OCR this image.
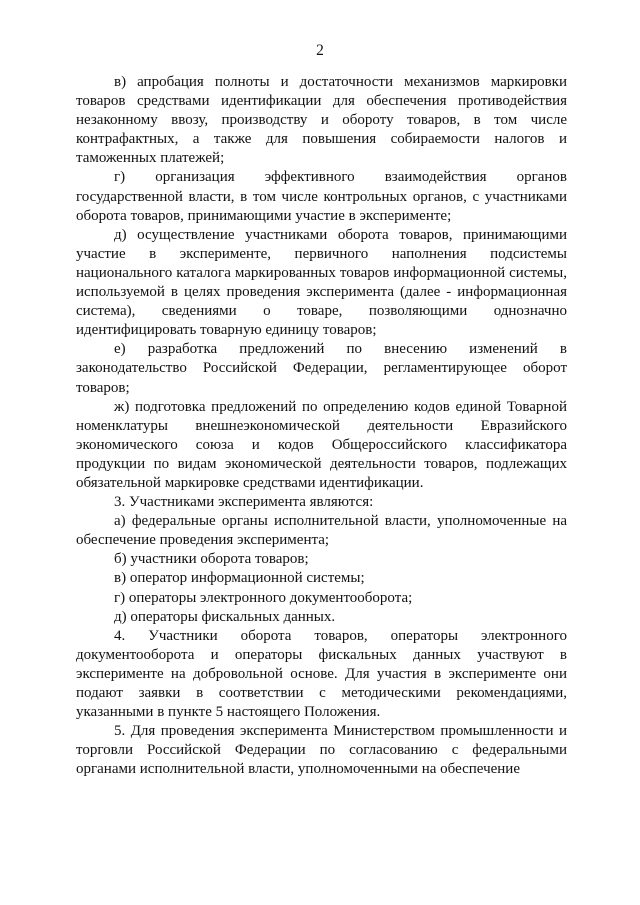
2

в) апробация полноты и достаточности механизмов маркировки товаров средствами идентификации для обеспечения противодействия незаконному ввозу, производству и обороту товаров, в том числе контрафактных, а также для повышения собираемости налогов и таможенных платежей;

г) организация эффективного взаимодействия органов государственной власти, в том числе контрольных органов, с участниками оборота товаров, принимающими участие в эксперименте;

д) осуществление участниками оборота товаров, принимающими участие в эксперименте, первичного наполнения подсистемы национального каталога маркированных товаров информационной системы, используемой в целях проведения эксперимента (далее - информационная система), сведениями о товаре, позволяющими однозначно идентифицировать товарную единицу товаров;

е) разработка предложений по внесению изменений в законодательство Российской Федерации, регламентирующее оборот товаров;

ж) подготовка предложений по определению кодов единой Товарной номенклатуры внешнеэкономической деятельности Евразийского экономического союза и кодов Общероссийского классификатора продукции по видам экономической деятельности товаров, подлежащих обязательной маркировке средствами идентификации.

3. Участниками эксперимента являются:

а) федеральные органы исполнительной власти, уполномоченные на обеспечение проведения эксперимента;

б) участники оборота товаров;

в) оператор информационной системы;

г) операторы электронного документооборота;

д) операторы фискальных данных.

4. Участники оборота товаров, операторы электронного документооборота и операторы фискальных данных участвуют в эксперименте на добровольной основе. Для участия в эксперименте они подают заявки в соответствии с методическими рекомендациями, указанными в пункте 5 настоящего Положения.

5. Для проведения эксперимента Министерством промышленности и торговли Российской Федерации по согласованию с федеральными органами исполнительной власти, уполномоченными на обеспечение
